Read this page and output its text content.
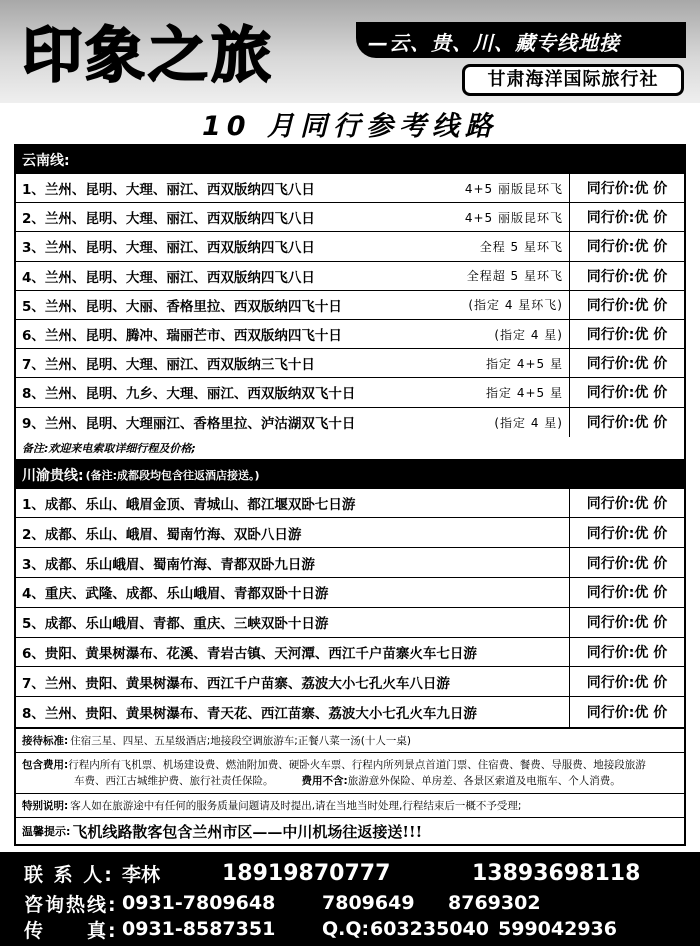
印象之旅	—云、贵、川、藏专线地接
甘肃海洋国际旅行社
10 月同行参考线路
云南线:
1、兰州、昆明、大理、丽江、西双版纳四飞八日	4+5 丽版昆环飞	同行价:优 价
2、兰州、昆明、大理、丽江、西双版纳四飞八日	4+5 丽版昆环飞	同行价:优 价
3、兰州、昆明、大理、丽江、西双版纳四飞八日	全程 5 星环飞	同行价:优 价
4、兰州、昆明、大理、丽江、西双版纳四飞八日	全程超 5 星环飞	同行价:优 价
5、兰州、昆明、大丽、香格里拉、西双版纳四飞十日	(指定 4 星环飞)	同行价:优 价
6、兰州、昆明、腾冲、瑞丽芒市、西双版纳四飞十日	(指定 4 星)	同行价:优 价
7、兰州、昆明、大理、丽江、西双版纳三飞十日	指定 4+5 星	同行价:优 价
8、兰州、昆明、九乡、大理、丽江、西双版纳双飞十日	指定 4+5 星	同行价:优 价
9、兰州、昆明、大理丽江、香格里拉、泸沽湖双飞十日	(指定 4 星)	同行价:优 价
备注:欢迎来电索取详细行程及价格;
川渝贵线: (备注:成都段均包含往返酒店接送。)
1、成都、乐山、峨眉金顶、青城山、都江堰双卧七日游	同行价:优 价
2、成都、乐山、峨眉、蜀南竹海、双卧八日游	同行价:优 价
3、成都、乐山峨眉、蜀南竹海、青都双卧九日游	同行价:优 价
4、重庆、武隆、成都、乐山峨眉、青都双卧十日游	同行价:优 价
5、成都、乐山峨眉、青都、重庆、三峡双卧十日游	同行价:优 价
6、贵阳、黄果树瀑布、花溪、青岩古镇、天河潭、西江千户苗寨火车七日游	同行价:优 价
7、兰州、贵阳、黄果树瀑布、西江千户苗寨、荔波大小七孔火车八日游	同行价:优 价
8、兰州、贵阳、黄果树瀑布、青天花、西江苗寨、荔波大小七孔火车九日游	同行价:优 价
接待标准: 住宿三星、四星、五星级酒店;地接段空调旅游车;正餐八菜一汤(十人一桌)
包含费用:行程内所有飞机票、机场建设费、燃油附加费、硬卧火车票、行程内所列景点首道门票、住宿费、餐费、导服费、地接段旅游
车费、西江古城维护费、旅行社责任保险。	费用不含:旅游意外保险、单房差、各景区索道及电瓶车、个人消费。
特别说明: 客人如在旅游途中有任何的服务质量问题请及时提出,请在当地当时处理,行程结束后一概不予受理;
温馨提示: 飞机线路散客包含兰州市区——中川机场往返接送!!!
联 系 人: 李林	18919870777	13893698118
咨询热线: 0931-7809648	7809649	8769302
传　　真: 0931-8587351	Q.Q: 603235040 599042936
